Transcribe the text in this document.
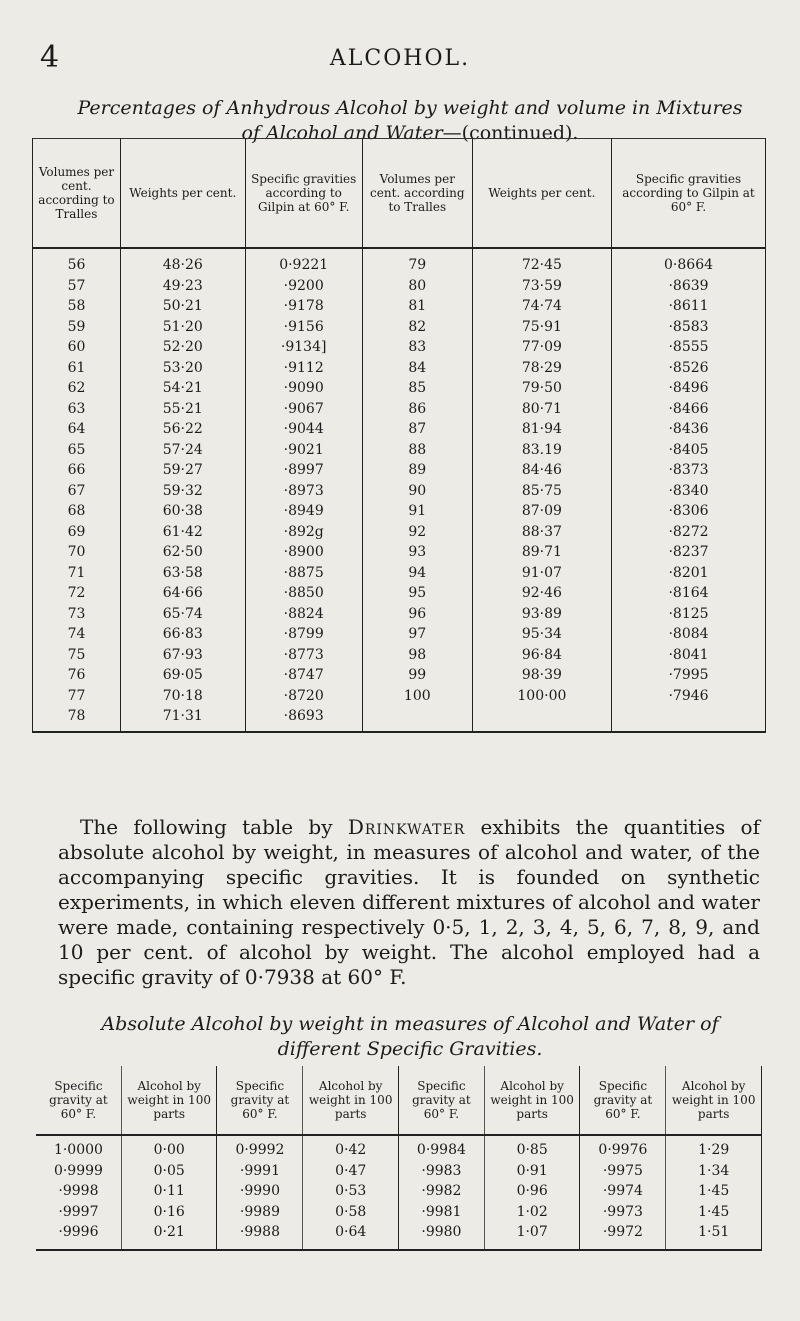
4	ALCOHOL.
Percentages of Anhydrous Alcohol by weight and volume in Mixtures of Alcohol and Water—(continued).
Volumes per cent. according to Tralles	Weights per cent.	Specific gravities according to Gilpin at 60° F.	Volumes per cent. according to Tralles	Weights per cent.	Specific gravities according to Gilpin at 60° F.
56	48·26	0·9221	79	72·45	0·8664
57	49·23	·9200	80	73·59	·8639
58	50·21	·9178	81	74·74	·8611
59	51·20	·9156	82	75·91	·8583
60	52·20	·9134]	83	77·09	·8555
61	53·20	·9112	84	78·29	·8526
62	54·21	·9090	85	79·50	·8496
63	55·21	·9067	86	80·71	·8466
64	56·22	·9044	87	81·94	·8436
65	57·24	·9021	88	83.19	·8405
66	59·27	·8997	89	84·46	·8373
67	59·32	·8973	90	85·75	·8340
68	60·38	·8949	91	87·09	·8306
69	61·42	·892g	92	88·37	·8272
70	62·50	·8900	93	89·71	·8237
71	63·58	·8875	94	91·07	·8201
72	64·66	·8850	95	92·46	·8164
73	65·74	·8824	96	93·89	·8125
74	66·83	·8799	97	95·34	·8084
75	67·93	·8773	98	96·84	·8041
76	69·05	·8747	99	98·39	·7995
77	70·18	·8720	100	100·00	·7946
78	71·31	·8693			

The following table by Drinkwater exhibits the quantities of absolute alcohol by weight, in measures of alcohol and water, of the accompanying specific gravities. It is founded on synthetic experiments, in which eleven different mixtures of alcohol and water were made, containing respectively 0·5, 1, 2, 3, 4, 5, 6, 7, 8, 9, and 10 per cent. of alcohol by weight. The alcohol employed had a specific gravity of 0·7938 at 60° F.

Absolute Alcohol by weight in measures of Alcohol and Water of different Specific Gravities.
Specific gravity at 60° F.	Alcohol by weight in 100 parts	Specific gravity at 60° F.	Alcohol by weight in 100 parts	Specific gravity at 60° F.	Alcohol by weight in 100 parts	Specific gravity at 60° F.	Alcohol by weight in 100 parts
1·0000	0·00	0·9992	0·42	0·9984	0·85	0·9976	1·29
0·9999	0·05	·9991	0·47	·9983	0·91	·9975	1·34
·9998	0·11	·9990	0·53	·9982	0·96	·9974	1·45
·9997	0·16	·9989	0·58	·9981	1·02	·9973	1·45
·9996	0·21	·9988	0·64	·9980	1·07	·9972	1·51
